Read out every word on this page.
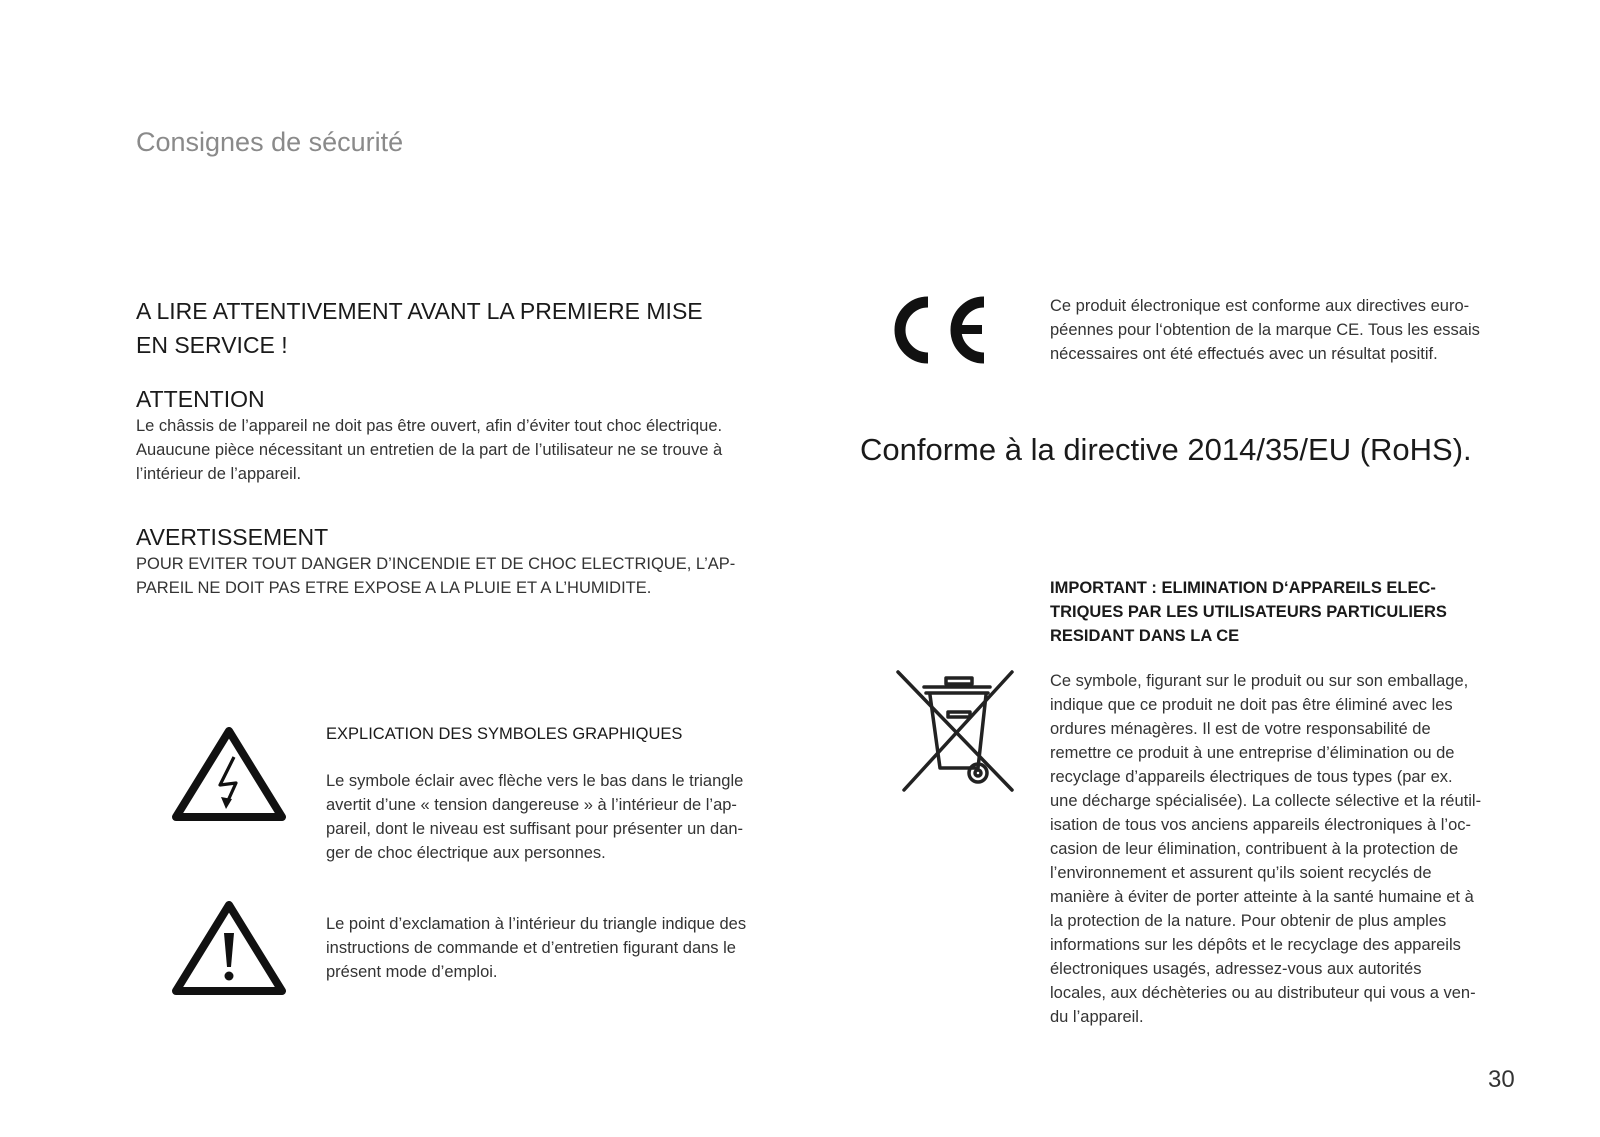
Consignes de sécurité
A LIRE ATTENTIVEMENT AVANT LA PREMIERE MISE
EN SERVICE !
ATTENTION
Le châssis de l’appareil ne doit pas être ouvert, afin d’éviter tout choc électrique.
Auaucune pièce nécessitant un entretien de la part de l’utilisateur ne se trouve à
l’intérieur de l’appareil.
AVERTISSEMENT
POUR EVITER TOUT DANGER D’INCENDIE ET DE CHOC ELECTRIQUE, L’AP-
PAREIL NE DOIT PAS ETRE EXPOSE A LA PLUIE ET A L’HUMIDITE.
EXPLICATION DES SYMBOLES GRAPHIQUES
Le symbole éclair avec flèche vers le bas dans le triangle
avertit d’une « tension dangereuse » à l’intérieur de l’ap-
pareil, dont le niveau est suffisant pour présenter un dan-
ger de choc électrique aux personnes.
Le point d’exclamation à l’intérieur du triangle indique des
instructions de commande et d’entretien figurant dans le
présent mode d’emploi.
Ce produit électronique est conforme aux directives euro-
péennes pour l‘obtention de la marque CE. Tous les essais
nécessaires ont été effectués avec un résultat positif.
Conforme à la directive 2014/35/EU (RoHS).
IMPORTANT : ELIMINATION D‘APPAREILS ELEC-
TRIQUES PAR LES UTILISATEURS PARTICULIERS
RESIDANT DANS LA CE
Ce symbole, figurant sur le produit ou sur son emballage,
indique que ce produit ne doit pas être éliminé avec les
ordures ménagères. Il est de votre responsabilité de
remettre ce produit à une entreprise d’élimination ou de
recyclage d’appareils électriques de tous types (par ex.
une décharge spécialisée). La collecte sélective et la réutil-
isation de tous vos anciens appareils électroniques à l’oc-
casion de leur élimination, contribuent à la protection de
l’environnement et assurent qu’ils soient recyclés de
manière à éviter de porter atteinte à la santé humaine et à
la protection de la nature. Pour obtenir de plus amples
informations sur les dépôts et le recyclage des appareils
électroniques usagés, adressez-vous aux autorités
locales, aux déchèteries ou au distributeur qui vous a ven-
du l’appareil.
30
